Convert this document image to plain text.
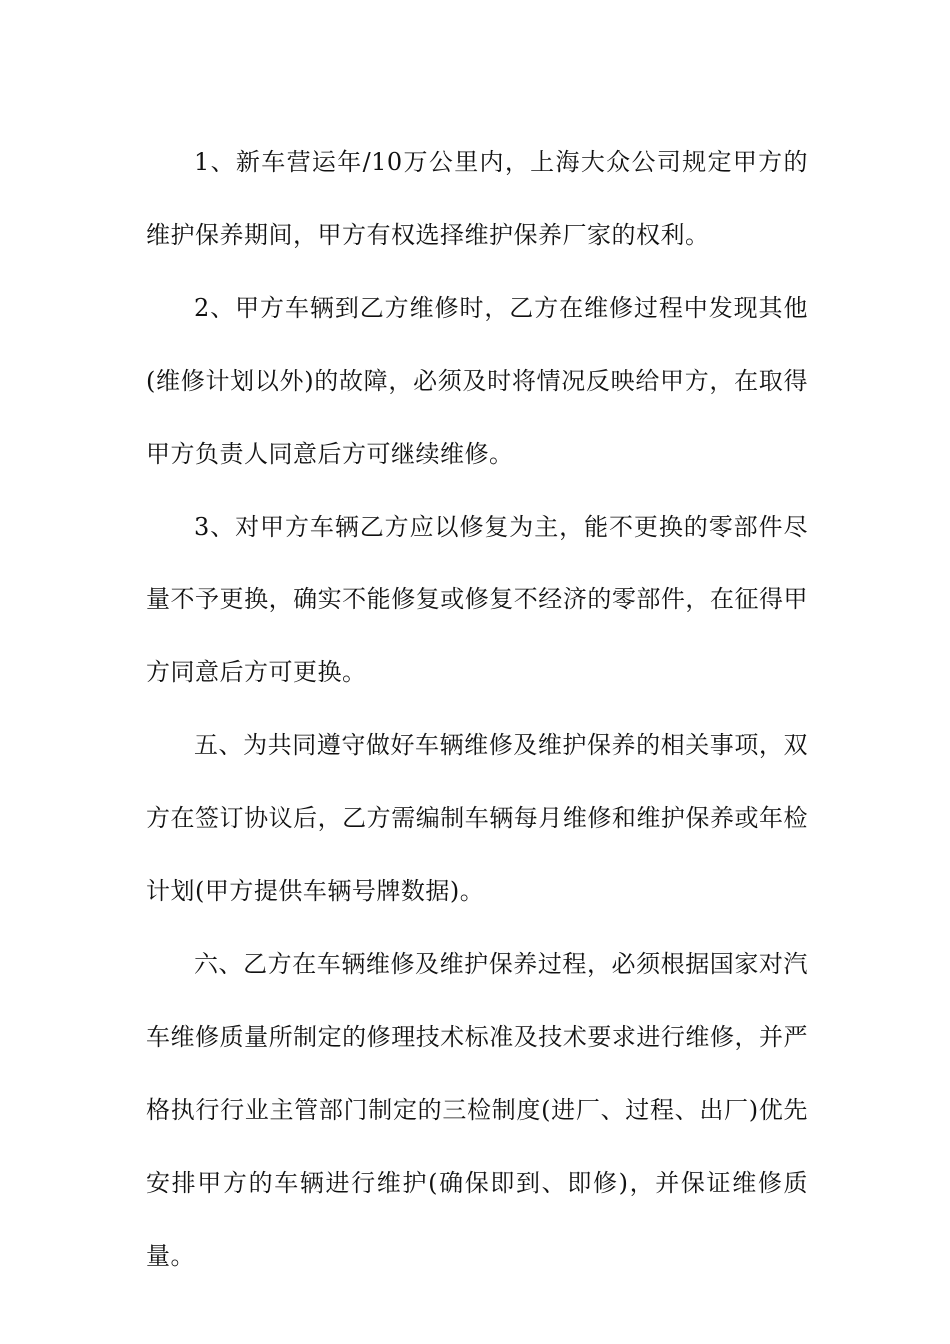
1、新车营运年/10万公里内，上海大众公司规定甲方的维护保养期间，甲方有权选择维护保养厂家的权利。

2、甲方车辆到乙方维修时，乙方在维修过程中发现其他(维修计划以外)的故障，必须及时将情况反映给甲方，在取得甲方负责人同意后方可继续维修。

3、对甲方车辆乙方应以修复为主，能不更换的零部件尽量不予更换，确实不能修复或修复不经济的零部件，在征得甲方同意后方可更换。

五、为共同遵守做好车辆维修及维护保养的相关事项，双方在签订协议后，乙方需编制车辆每月维修和维护保养或年检计划(甲方提供车辆号牌数据)。

六、乙方在车辆维修及维护保养过程，必须根据国家对汽车维修质量所制定的修理技术标准及技术要求进行维修，并严格执行行业主管部门制定的三检制度(进厂、过程、出厂)优先安排甲方的车辆进行维护(确保即到、即修)，并保证维修质量。
